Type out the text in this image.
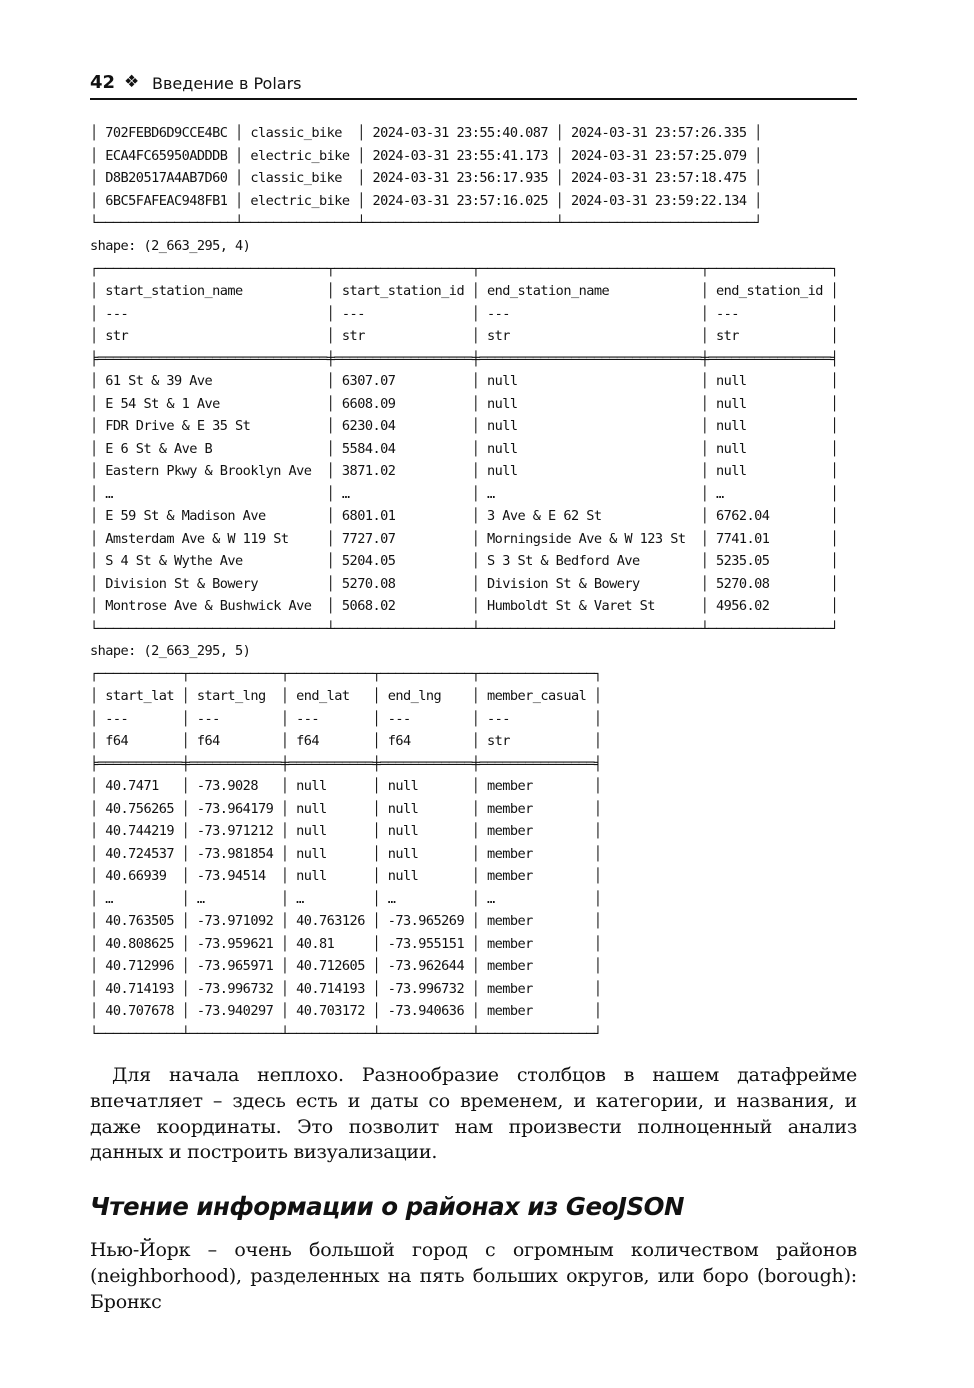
42 ❖ Введение в Polars
│ 702FEBD6D9CCE4BC │ classic_bike  │ 2024-03-31 23:55:40.087 │ 2024-03-31 23:57:26.335 │
│ ECA4FC65950ADDDB │ electric_bike │ 2024-03-31 23:55:41.173 │ 2024-03-31 23:57:25.079 │
│ D8B20517A4AB7D60 │ classic_bike  │ 2024-03-31 23:56:17.935 │ 2024-03-31 23:57:18.475 │
│ 6BC5FAFEAC948FB1 │ electric_bike │ 2024-03-31 23:57:16.025 │ 2024-03-31 23:59:22.134 │
└──────────────────┴───────────────┴─────────────────────────┴─────────────────────────┘
shape: (2_663_295, 4)
┌──────────────────────────────┬──────────────────┬─────────────────────────────┬────────────────┐
│ start_station_name           │ start_station_id │ end_station_name            │ end_station_id │
│ ---                          │ ---              │ ---                         │ ---            │
│ str                          │ str              │ str                         │ str            │
╞══════════════════════════════╪══════════════════╪═════════════════════════════╪════════════════╡
│ 61 St & 39 Ave               │ 6307.07          │ null                        │ null           │
│ E 54 St & 1 Ave              │ 6608.09          │ null                        │ null           │
│ FDR Drive & E 35 St          │ 6230.04          │ null                        │ null           │
│ E 6 St & Ave B               │ 5584.04          │ null                        │ null           │
│ Eastern Pkwy & Brooklyn Ave  │ 3871.02          │ null                        │ null           │
│ …                            │ …                │ …                           │ …              │
│ E 59 St & Madison Ave        │ 6801.01          │ 3 Ave & E 62 St             │ 6762.04        │
│ Amsterdam Ave & W 119 St     │ 7727.07          │ Morningside Ave & W 123 St  │ 7741.01        │
│ S 4 St & Wythe Ave           │ 5204.05          │ S 3 St & Bedford Ave        │ 5235.05        │
│ Division St & Bowery         │ 5270.08          │ Division St & Bowery        │ 5270.08        │
│ Montrose Ave & Bushwick Ave  │ 5068.02          │ Humboldt St & Varet St      │ 4956.02        │
└──────────────────────────────┴──────────────────┴─────────────────────────────┴────────────────┘
shape: (2_663_295, 5)
┌───────────┬────────────┬───────────┬────────────┬───────────────┐
│ start_lat │ start_lng  │ end_lat   │ end_lng    │ member_casual │
│ ---       │ ---        │ ---       │ ---        │ ---           │
│ f64       │ f64        │ f64       │ f64        │ str           │
╞═══════════╪════════════╪═══════════╪════════════╪═══════════════╡
│ 40.7471   │ -73.9028   │ null      │ null       │ member        │
│ 40.756265 │ -73.964179 │ null      │ null       │ member        │
│ 40.744219 │ -73.971212 │ null      │ null       │ member        │
│ 40.724537 │ -73.981854 │ null      │ null       │ member        │
│ 40.66939  │ -73.94514  │ null      │ null       │ member        │
│ …         │ …          │ …         │ …          │ …             │
│ 40.763505 │ -73.971092 │ 40.763126 │ -73.965269 │ member        │
│ 40.808625 │ -73.959621 │ 40.81     │ -73.955151 │ member        │
│ 40.712996 │ -73.965971 │ 40.712605 │ -73.962644 │ member        │
│ 40.714193 │ -73.996732 │ 40.714193 │ -73.996732 │ member        │
│ 40.707678 │ -73.940297 │ 40.703172 │ -73.940636 │ member        │
└───────────┴────────────┴───────────┴────────────┴───────────────┘

Для начала неплохо. Разнообразие столбцов в нашем датафрейме впечатляет – здесь есть и даты со временем, и категории, и названия, и даже координаты. Это позволит нам произвести полноценный анализ данных и построить визуализации.

Чтение информации о районах из GeoJSON

Нью-Йорк – очень большой город с огромным количеством районов (neighborhood), разделенных на пять больших округов, или боро (borough): Бронкс
